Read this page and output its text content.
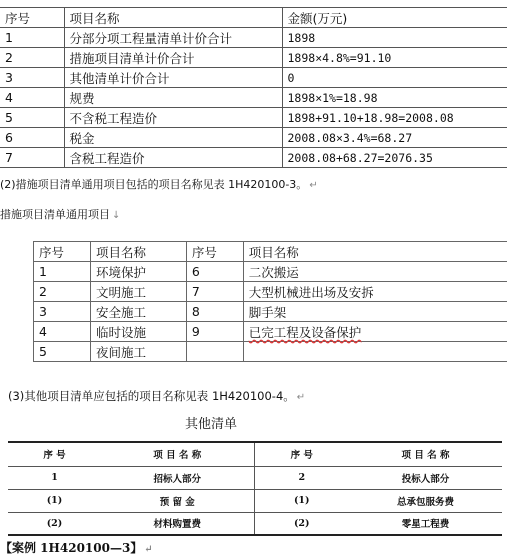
序号	项目名称	金额(万元)
1	分部分项工程量清单计价合计	1898
2	措施项目清单计价合计	1898×4.8%=91.10
3	其他清单计价合计	0
4	规费	1898×1%=18.98
5	不含税工程造价	1898+91.10+18.98=2008.08
6	税金	2008.08×3.4%=68.27
7	含税工程造价	2008.08+68.27=2076.35
(2)措施项目清单通用项目包括的项目名称见表 1H420100-3。 ↵
措施项目清单通用项目 ↓
序号	项目名称	序号	项目名称
1	环境保护	6	二次搬运
2	文明施工	7	大型机械进出场及安拆
3	安全施工	8	脚手架
4	临时设施	9	已完工程及设备保护
5	夜间施工		
(3)其他项目清单应包括的项目名称见表 1H420100-4。 ↵
其他清单
序 号	项 目 名 称	序 号	项 目 名 称
1	招标人部分	2	投标人部分
(1)	预 留 金	(1)	总承包服务费
(2)	材料购置费	(2)	零星工程费
【案例 1H420100—3】 ↵
